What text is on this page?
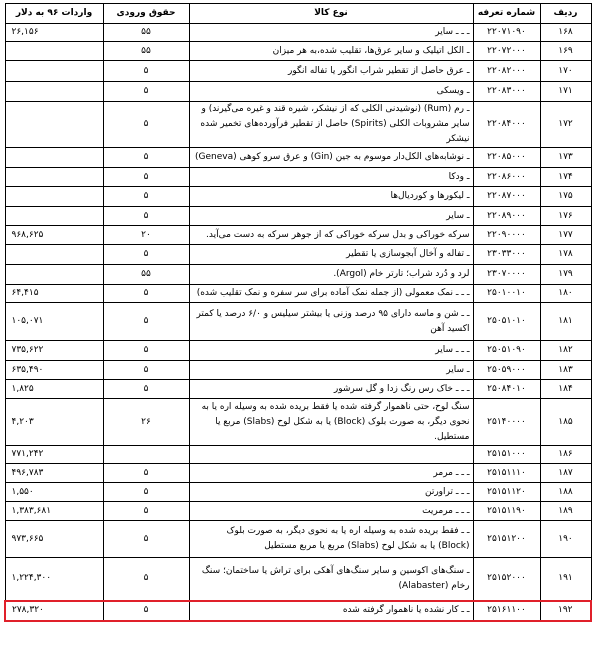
ردیف	شماره تعرفه	نوع کالا	حقوق ورودی	واردات ۹۶ به دلار
۱۶۸	۲۲۰۷۱۰۹۰	ـ ـ ـ سایر	۵۵	۲۶,۱۵۶
۱۶۹	۲۲۰۷۲۰۰۰	ـ الکل اتیلیک و سایر عرق‌ها، تقلیب شده،به هر میزان	۵۵	
۱۷۰	۲۲۰۸۲۰۰۰	ـ عرق حاصل از تقطیر شراب انگور یا تفاله انگور	۵	
۱۷۱	۲۲۰۸۳۰۰۰	ـ ویسکی	۵	
۱۷۲	۲۲۰۸۴۰۰۰	ـ رم (Rum) (نوشیدنی الکلی که از نیشکر، شیره قند و غیره می‌گیرند) و سایر مشروبات الکلی (Spirits) حاصل از تقطیر فرآورده‌های تخمیر شده نیشکر	۵	
۱۷۳	۲۲۰۸۵۰۰۰	ـ نوشابه‌های الکل‌دار موسوم به جین (Gin) و عرق سرو کوهی (Geneva)	۵	
۱۷۴	۲۲۰۸۶۰۰۰	ـ ودکا	۵	
۱۷۵	۲۲۰۸۷۰۰۰	ـ لیکورها و کوردیال‌ها	۵	
۱۷۶	۲۲۰۸۹۰۰۰	ـ سایر	۵	
۱۷۷	۲۲۰۹۰۰۰۰	سرکه خوراکی و بدل سرکه خوراکی که از جوهر سرکه به دست می‌آید.	۲۰	۹۶۸,۶۲۵
۱۷۸	۲۳۰۳۳۰۰۰	ـ تفاله و آخال آبجوسازی یا تقطیر	۵	
۱۷۹	۲۳۰۷۰۰۰۰	لرد و دُرد شراب؛ تارتر خام (Argol).	۵۵	
۱۸۰	۲۵۰۱۰۰۱۰	ـ ـ ـ نمک معمولی (از جمله نمک آماده برای سر سفره و نمک تقلیب شده)	۵	۶۴,۴۱۵
۱۸۱	۲۵۰۵۱۰۱۰	ـ ـ شن و ماسه دارای ۹۵ درصد وزنی یا بیشتر سیلیس و ۶/۰ درصد یا کمتر اکسید آهن	۵	۱۰۵,۰۷۱
۱۸۲	۲۵۰۵۱۰۹۰	ـ ـ ـ سایر	۵	۷۳۵,۶۲۲
۱۸۳	۲۵۰۵۹۰۰۰	ـ سایر	۵	۶۳۵,۴۹۰
۱۸۴	۲۵۰۸۴۰۱۰	ـ ـ ـ خاک رس رنگ زدا و گل سرشور	۵	۱,۸۲۵
۱۸۵	۲۵۱۴۰۰۰۰	سنگ لوح، حتی ناهموار گرفته شده یا فقط بریده شده به وسیله اره یا به نحوی دیگر، به صورت بلوک (Block) یا به شکل لوح (Slabs) مربع یا مستطیل.	۲۶	۴,۲۰۳
۱۸۶	۲۵۱۵۱۰۰۰			۷۷۱,۲۴۲
۱۸۷	۲۵۱۵۱۱۱۰	ـ ـ ـ مرمر	۵	۴۹۶,۷۸۳
۱۸۸	۲۵۱۵۱۱۲۰	ـ ـ ـ تراورتن	۵	۱,۵۵۰
۱۸۹	۲۵۱۵۱۱۹۰	ـ ـ ـ مرمریت	۵	۱,۳۸۳,۶۸۱
۱۹۰	۲۵۱۵۱۲۰۰	ـ ـ فقط بریده شده به وسیله اره یا به نحوی دیگر، به صورت بلوک (Block) یا به شکل لوح (Slabs) مربع یا مربع مستطیل	۵	۹۷۳,۶۶۵
۱۹۱	۲۵۱۵۲۰۰۰	ـ سنگ‌های اکوسین و سایر سنگ‌های آهکی برای تراش یا ساختمان؛ سنگ رخام (Alabaster)	۵	۱,۲۲۴,۳۰۰
۱۹۲	۲۵۱۶۱۱۰۰	ـ ـ کار نشده یا ناهموار گرفته شده	۵	۲۷۸,۳۲۰
